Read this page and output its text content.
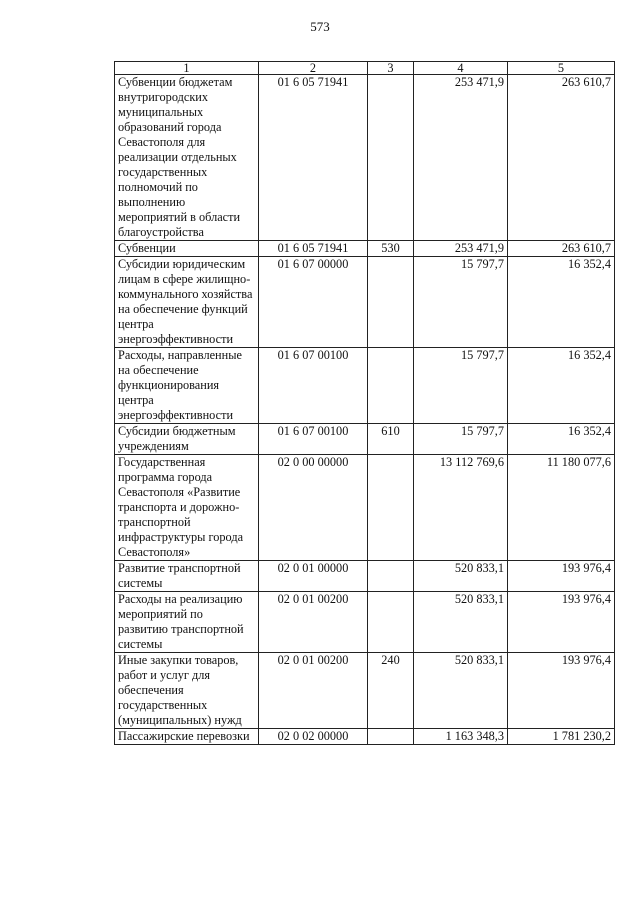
573
1	2	3	4	5
Субвенции бюджетам внутригородских муниципальных образований города Севастополя для реализации отдельных государственных полномочий по выполнению мероприятий в области благоустройства	01 6 05 71941		253 471,9	263 610,7
Субвенции	01 6 05 71941	530	253 471,9	263 610,7
Субсидии юридическим лицам в сфере жилищно-коммунального хозяйства на обеспечение функций центра энергоэффективности	01 6 07 00000		15 797,7	16 352,4
Расходы, направленные на обеспечение функционирования центра энергоэффективности	01 6 07 00100		15 797,7	16 352,4
Субсидии бюджетным учреждениям	01 6 07 00100	610	15 797,7	16 352,4
Государственная программа города Севастополя «Развитие транспорта и дорожно-транспортной инфраструктуры города Севастополя»	02 0 00 00000		13 112 769,6	11 180 077,6
Развитие транспортной системы	02 0 01 00000		520 833,1	193 976,4
Расходы на реализацию мероприятий по развитию транспортной системы	02 0 01 00200		520 833,1	193 976,4
Иные закупки товаров, работ и услуг для обеспечения государственных (муниципальных) нужд	02 0 01 00200	240	520 833,1	193 976,4
Пассажирские перевозки	02 0 02 00000		1 163 348,3	1 781 230,2
